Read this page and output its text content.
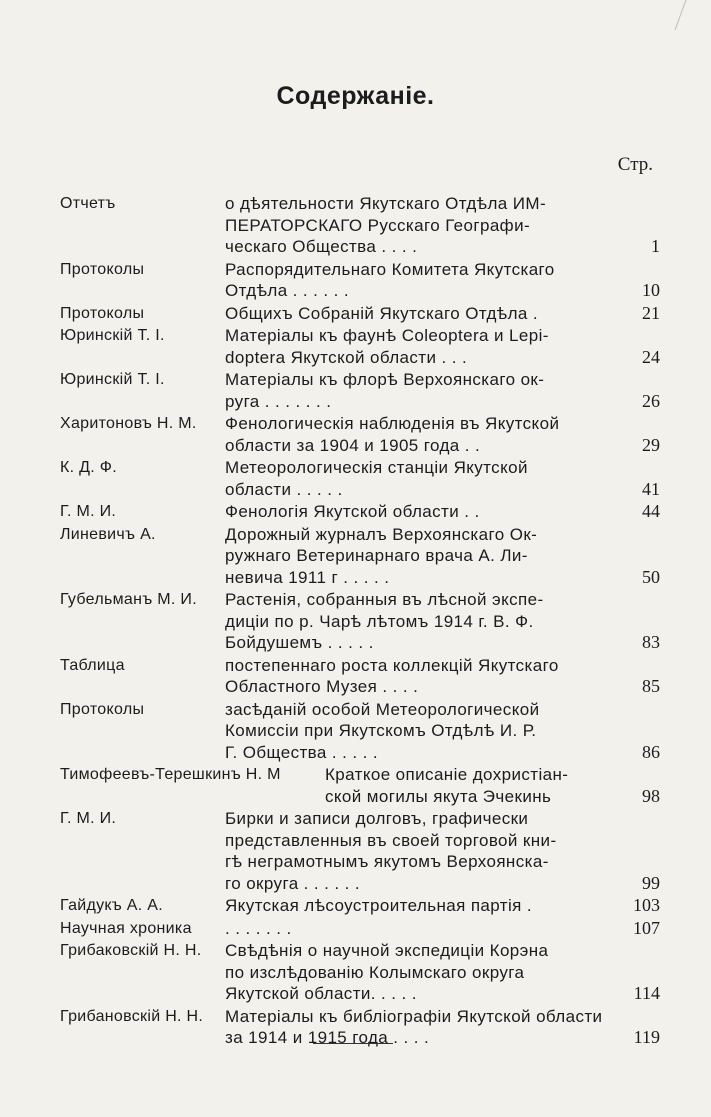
Содержаніе.
Стр.
Отчетъ	о дѣятельности Якутскаго Отдѣла ИМ-
ПЕРАТОРСКАГО Русскаго Географи-
ческаго Общества . . . .	1
Протоколы	Распорядительнаго Комитета Якутскаго
Отдѣла . . . . . .	10
Протоколы	Общихъ Собраній Якутскаго Отдѣла .	21
Юринскій Т. І.	Матеріалы къ фаунѣ Coleoptera и Lepi-
doptera Якутской области . . .	24
Юринскій Т. І.	Матеріалы къ флорѣ Верхоянскаго ок-
руга . . . . . . .	26
Харитоновъ Н. М.	Фенологическія наблюденія въ Якутской
области за 1904 и 1905 года . .	29
К. Д. Ф.	Метеорологическія станціи Якутской
области . . . . .	41
Г. М. И.	Фенологія Якутской области . .	44
Линевичъ А.	Дорожный журналъ Верхоянскаго Ок-
ружнаго Ветеринарнаго врача А. Ли-
невича 1911 г . . . . .	50
Губельманъ М. И.	Растенія, собранныя въ лѣсной экспе-
диціи по р. Чарѣ лѣтомъ 1914 г. В. Ф.
Бойдушемъ . . . . .	83
Таблица	постепеннаго роста коллекцій Якутскаго
Областного Музея . . . .	85
Протоколы	засѣданій особой Метеорологической
Комиссіи при Якутскомъ Отдѣлѣ И. Р.
Г. Общества . . . . .	86
Тимофеевъ-Терешкинъ Н. М	Краткое описаніе дохристіан-
ской могилы якута Эчекинь	98
Г. М. И.	Бирки и записи долговъ, графически
представленныя въ своей торговой кни-
гѣ неграмотнымъ якутомъ Верхоянска-
го округа . . . . . .	99
Гайдукъ А. А.	Якутская лѣсоустроительная партія .	103
Научная хроника	. . . . . . .	107
Грибаковскій Н. Н.	Свѣдѣнія о научной экспедиціи Корэна
по изслѣдованію Колымскаго округа
Якутской области. . . . .	114
Грибановскій Н. Н.	Матеріалы къ библіографіи Якутской области
за 1914 и 1915 года . . . .	119
